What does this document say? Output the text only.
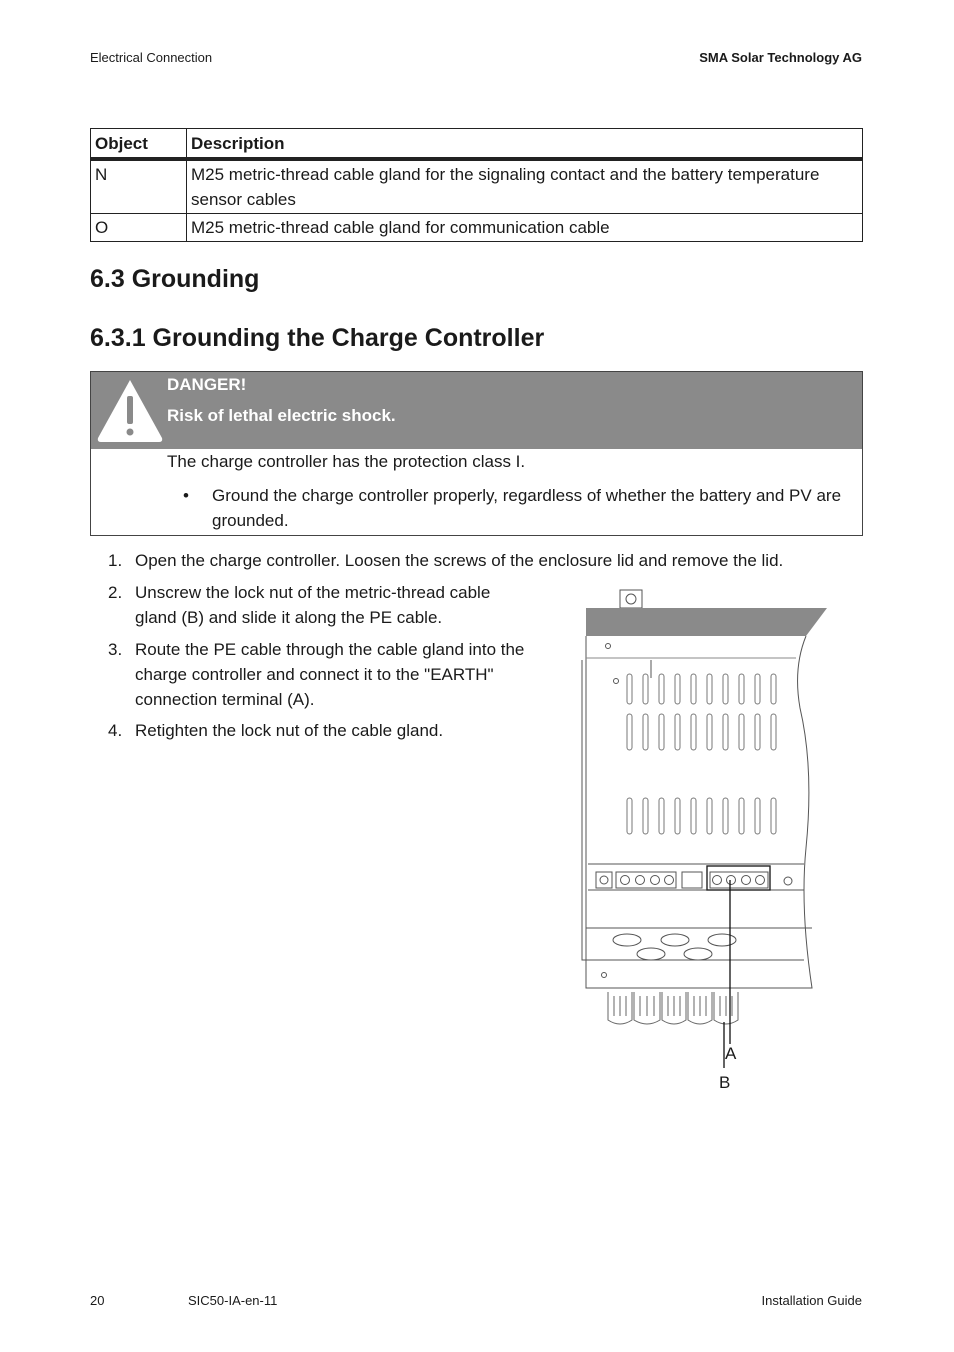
Electrical Connection	SMA Solar Technology AG
Object	Description
N	M25 metric-thread cable gland for the signaling contact and the battery temperature
sensor cables

O	M25 metric-thread cable gland for communication cable
6.3 Grounding
6.3.1 Grounding the Charge Controller
DANGER!
Risk of lethal electric shock.
The charge controller has the protection class I.
•	Ground the charge controller properly, regardless of whether the battery and PV are
grounded.
1. Open the charge controller. Loosen the screws of the enclosure lid and remove the lid.
2. Unscrew the lock nut of the metric-thread cable
gland (B) and slide it along the PE cable.
3. Route the PE cable through the cable gland into the
charge controller and connect it to the "EARTH"
connection terminal (A).
4. Retighten the lock nut of the cable gland.
A
B
20	SIC50-IA-en-11	Installation Guide
